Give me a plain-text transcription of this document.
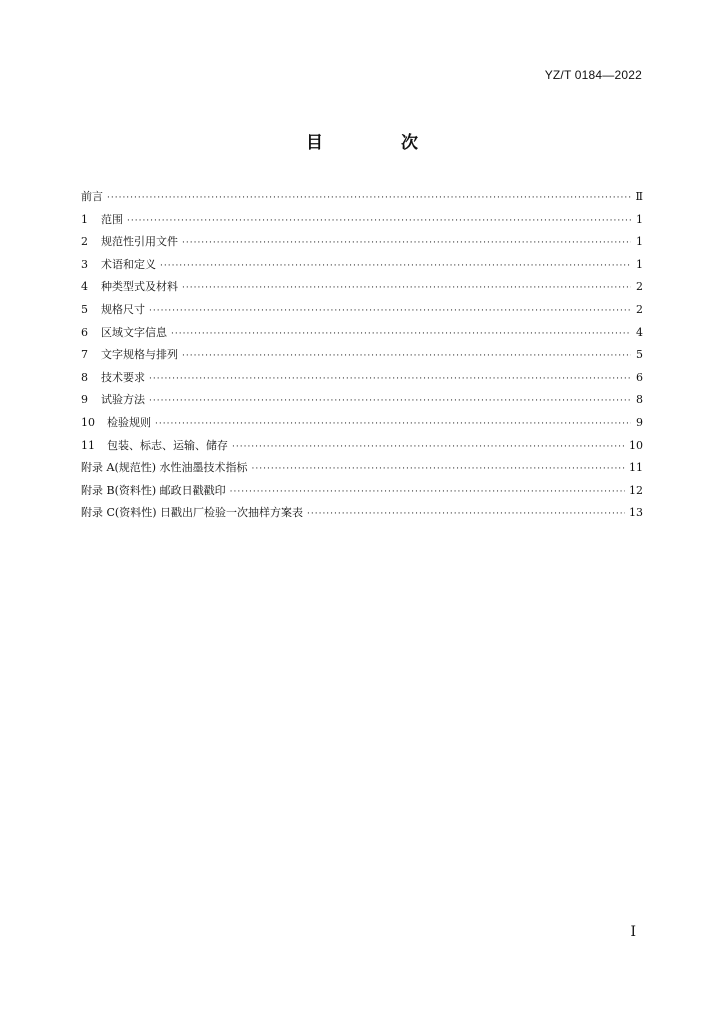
YZ/T 0184—2022
目 次
前言 ·····	Ⅱ
1	范围 ·····	1
2	规范性引用文件 ·····	1
3	术语和定义 ·····	1
4	种类型式及材料 ·····	2
5	规格尺寸 ·····	2
6	区域文字信息 ·····	4
7	文字规格与排列 ·····	5
8	技术要求 ·····	6
9	试验方法 ·····	8
10	检验规则 ·····	9
11	包装、标志、运输、储存 ·····	10
附录 A(规范性) 水性油墨技术指标 ·····	11
附录 B(资料性) 邮政日戳戳印 ·····	12
附录 C(资料性) 日戳出厂检验一次抽样方案表 ·····	13
Ⅰ
